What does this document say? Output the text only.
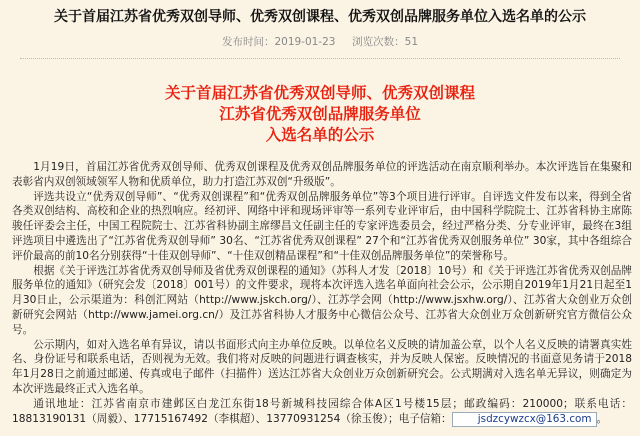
关于首届江苏省优秀双创导师、优秀双创课程、优秀双创品牌服务单位入选名单的公示
发布时间：2019-01-23 浏览次数：51
关于首届江苏省优秀双创导师、优秀双创课程
江苏省优秀双创品牌服务单位
入选名单的公示

1月19日，首届江苏省优秀双创导师、优秀双创课程及优秀双创品牌服务单位的评选活动在南京顺利举办。本次评选旨在集聚和表彰省内双创领域领军人物和优质单位，助力打造江苏双创“升级版”。

评选共设立“优秀双创导师”、“优秀双创课程”和“优秀双创品牌服务单位”等3个项目进行评审。自评选文件发布以来，得到全省各类双创结构、高校和企业的热烈响应。经初评、网络中评和现场评审等一系列专业评审后，由中国科学院院士、江苏省科协主席陈骏任评委会主任，中国工程院院士、江苏省科协副主席缪昌文任副主任的专家评选委员会，经过严格分类、分专业评审，最终在3组评选项目中遴选出了“江苏省优秀双创导师” 30名、“江苏省优秀双创课程” 27个和“江苏省优秀双创服务单位” 30家，其中各组综合评价最高的前10名分别获得“十佳双创导师”、“十佳双创精品课程”和“十佳双创品牌服务单位”的荣誉称号。

根据《关于评选江苏省优秀双创导师及省优秀双创课程的通知》（苏科人才发〔2018〕10号）和《关于评选江苏省优秀双创品牌服务单位的通知》（研究会发〔2018〕001号）的文件要求，现将本次评选入选名单面向社会公示，公示期自2019年1月21日起至1月30日止，公示渠道为：科创汇网站（http://www.jskch.org/）、江苏学会网（http://www.jsxhw.org/）、江苏省大众创业万众创新研究会网站（http://www.jamei.org.cn/）及江苏省科协人才服务中心微信公众号、江苏省大众创业万众创新研究官方微信公众号。

公示期内，如对入选名单有异议，请以书面形式向主办单位反映。以单位名义反映的请加盖公章，以个人名义反映的请署真实姓名、身份证号和联系电话，否则视为无效。我们将对反映的问题进行调查核实，并为反映人保密。反映情况的书面意见务请于2018年1月28日之前通过邮递、传真或电子邮件（扫描件）送达江苏省大众创业万众创新研究会。公式期满对入选名单无异议，则确定为本次评选最终正式入选名单。

通讯地址：江苏省南京市建邺区白龙江东街18号新城科技园综合体A区1号楼15层；邮政编码：210000；联系电话：18813190131（周毅）、17715167492（李棋超）、13770931254（徐玉俊）；电子信箱：	jsdzcywzcx@163.com 。
